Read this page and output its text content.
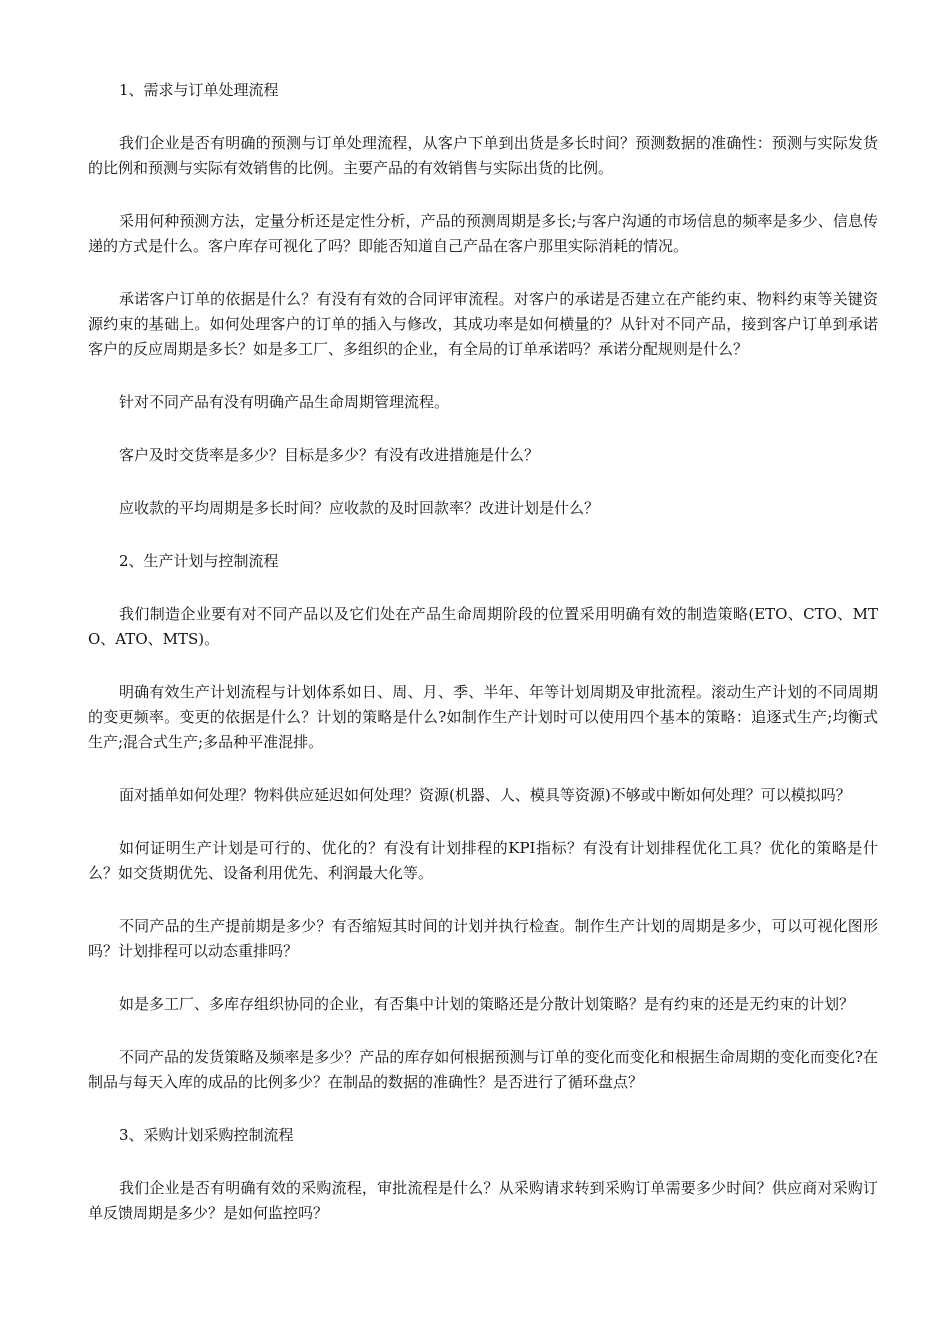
1、需求与订单处理流程

我们企业是否有明确的预测与订单处理流程，从客户下单到出货是多长时间？预测数据的准确性：预测与实际发货的比例和预测与实际有效销售的比例。主要产品的有效销售与实际出货的比例。

采用何种预测方法，定量分析还是定性分析，产品的预测周期是多长;与客户沟通的市场信息的频率是多少、信息传递的方式是什么。客户库存可视化了吗？即能否知道自己产品在客户那里实际消耗的情况。

承诺客户订单的依据是什么？有没有有效的合同评审流程。对客户的承诺是否建立在产能约束、物料约束等关键资源约束的基础上。如何处理客户的订单的插入与修改，其成功率是如何横量的？从针对不同产品，接到客户订单到承诺客户的反应周期是多长？如是多工厂、多组织的企业，有全局的订单承诺吗？承诺分配规则是什么？

针对不同产品有没有明确产品生命周期管理流程。

客户及时交货率是多少？目标是多少？有没有改进措施是什么？

应收款的平均周期是多长时间？应收款的及时回款率？改进计划是什么？

2、生产计划与控制流程

我们制造企业要有对不同产品以及它们处在产品生命周期阶段的位置采用明确有效的制造策略(ETO、CTO、MTO、ATO、MTS)。

明确有效生产计划流程与计划体系如日、周、月、季、半年、年等计划周期及审批流程。滚动生产计划的不同周期的变更频率。变更的依据是什么？计划的策略是什么?如制作生产计划时可以使用四个基本的策略：追逐式生产;均衡式生产;混合式生产;多品种平准混排。

面对插单如何处理？物料供应延迟如何处理？资源(机器、人、模具等资源)不够或中断如何处理？可以模拟吗？

如何证明生产计划是可行的、优化的？有没有计划排程的KPI指标？有没有计划排程优化工具？优化的策略是什么？如交货期优先、设备利用优先、利润最大化等。

不同产品的生产提前期是多少？有否缩短其时间的计划并执行检查。制作生产计划的周期是多少，可以可视化图形吗？计划排程可以动态重排吗？

如是多工厂、多库存组织协同的企业，有否集中计划的策略还是分散计划策略？是有约束的还是无约束的计划？

不同产品的发货策略及频率是多少？产品的库存如何根据预测与订单的变化而变化和根据生命周期的变化而变化?在制品与每天入库的成品的比例多少？在制品的数据的准确性？是否进行了循环盘点？

3、采购计划采购控制流程

我们企业是否有明确有效的采购流程，审批流程是什么？从采购请求转到采购订单需要多少时间？供应商对采购订单反馈周期是多少？是如何监控吗？
